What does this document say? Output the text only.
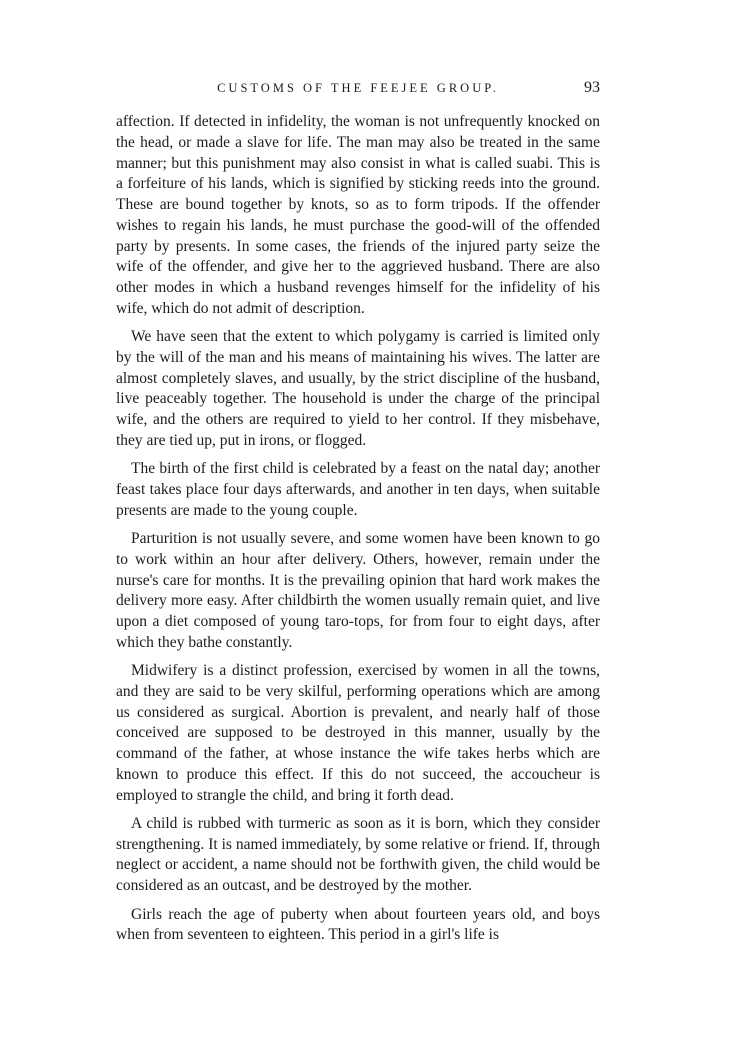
CUSTOMS OF THE FEEJEE GROUP.	93

affection. If detected in infidelity, the woman is not unfrequently knocked on the head, or made a slave for life. The man may also be treated in the same manner; but this punishment may also consist in what is called suabi. This is a forfeiture of his lands, which is signified by sticking reeds into the ground. These are bound together by knots, so as to form tripods. If the offender wishes to regain his lands, he must purchase the good-will of the offended party by presents. In some cases, the friends of the injured party seize the wife of the offender, and give her to the aggrieved husband. There are also other modes in which a husband revenges himself for the infidelity of his wife, which do not admit of description.

We have seen that the extent to which polygamy is carried is limited only by the will of the man and his means of maintaining his wives. The latter are almost completely slaves, and usually, by the strict discipline of the husband, live peaceably together. The household is under the charge of the principal wife, and the others are required to yield to her control. If they misbehave, they are tied up, put in irons, or flogged.

The birth of the first child is celebrated by a feast on the natal day; another feast takes place four days afterwards, and another in ten days, when suitable presents are made to the young couple.

Parturition is not usually severe, and some women have been known to go to work within an hour after delivery. Others, however, remain under the nurse's care for months. It is the prevailing opinion that hard work makes the delivery more easy. After childbirth the women usually remain quiet, and live upon a diet composed of young taro-tops, for from four to eight days, after which they bathe constantly.

Midwifery is a distinct profession, exercised by women in all the towns, and they are said to be very skilful, performing operations which are among us considered as surgical. Abortion is prevalent, and nearly half of those conceived are supposed to be destroyed in this manner, usually by the command of the father, at whose instance the wife takes herbs which are known to produce this effect. If this do not succeed, the accoucheur is employed to strangle the child, and bring it forth dead.

A child is rubbed with turmeric as soon as it is born, which they consider strengthening. It is named immediately, by some relative or friend. If, through neglect or accident, a name should not be forthwith given, the child would be considered as an outcast, and be destroyed by the mother.

Girls reach the age of puberty when about fourteen years old, and boys when from seventeen to eighteen. This period in a girl's life is
